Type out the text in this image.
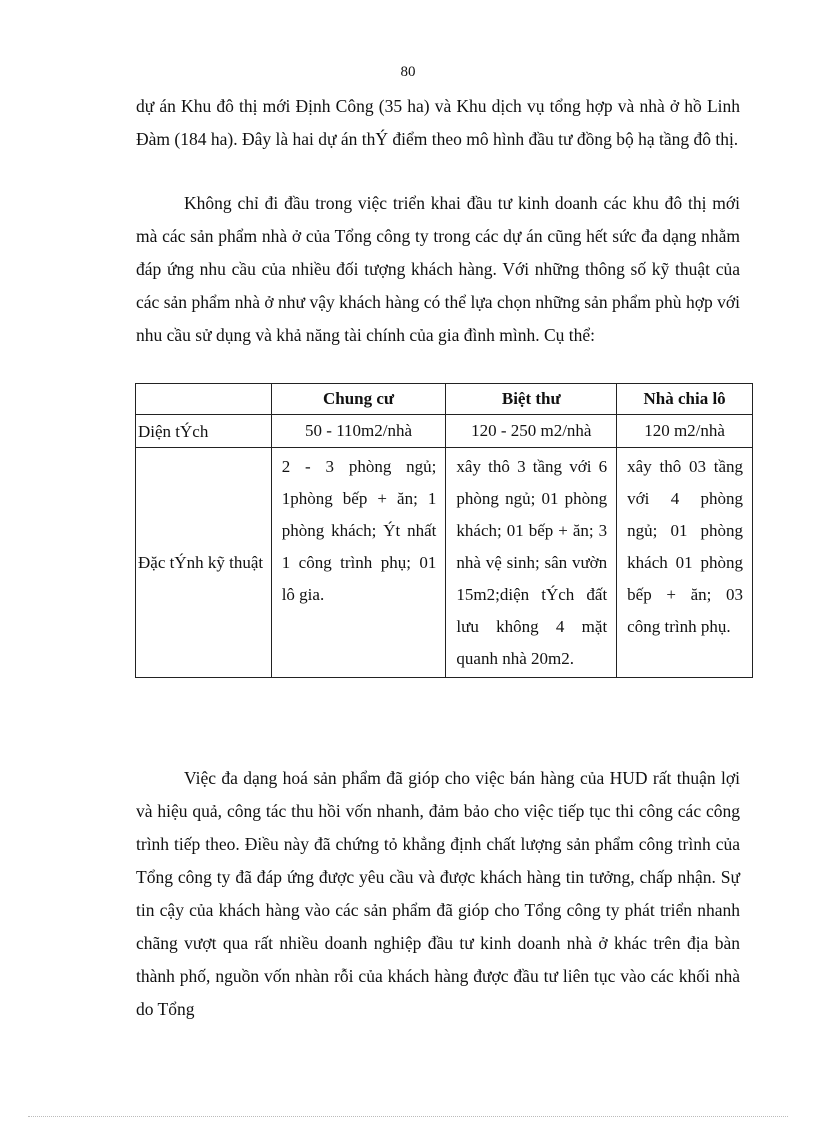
80

dự án Khu đô thị mới Định Công (35 ha) và Khu dịch vụ tổng hợp và nhà ở hồ Linh Đàm (184 ha). Đây là hai dự án thÝ điểm theo mô hình đầu tư đồng bộ hạ tầng đô thị.

Không chỉ đi đầu trong việc triển khai đầu tư kinh doanh các khu đô thị mới mà các sản phẩm nhà ở của Tổng công ty trong các dự án cũng hết sức đa dạng nhằm đáp ứng nhu cầu của nhiều đối tượng khách hàng. Với những thông số kỹ thuật của các sản phẩm nhà ở như vậy khách hàng có thể lựa chọn những sản phẩm phù hợp với nhu cầu sử dụng và khả năng tài chính của gia đình mình. Cụ thể:

	Chung cư	Biệt thư	Nhà chia lô
Diện tÝch	50 - 110m2/nhà	120 - 250 m2/nhà	120 m2/nhà
Đặc tÝnh kỹ thuật	2 - 3 phòng ngủ; 1phòng bếp + ăn; 1 phòng khách; Ýt nhất 1 công trình phụ; 01 lô gia.	xây thô 3 tầng với 6 phòng ngủ; 01 phòng khách; 01 bếp + ăn; 3 nhà vệ sinh; sân vườn 15m2;diện tÝch đất lưu không 4 mặt quanh nhà 20m2.	xây thô 03 tầng với 4 phòng ngủ; 01 phòng khách 01 phòng bếp + ăn; 03 công trình phụ.

Việc đa dạng hoá sản phẩm đã gióp cho việc bán hàng của HUD rất thuận lợi và hiệu quả, công tác thu hồi vốn nhanh, đảm bảo cho việc tiếp tục thi công các công trình tiếp theo. Điều này đã chứng tỏ khẳng định chất lượng sản phẩm công trình của Tổng công ty đã đáp ứng được yêu cầu và được khách hàng tin tưởng, chấp nhận. Sự tin cậy của khách hàng vào các sản phẩm đã gióp cho Tổng công ty phát triển nhanh chãng vượt qua rất nhiều doanh nghiệp đầu tư kinh doanh nhà ở khác trên địa bàn thành phố, nguồn vốn nhàn rỗi của khách hàng được đầu tư liên tục vào các khối nhà do Tổng
